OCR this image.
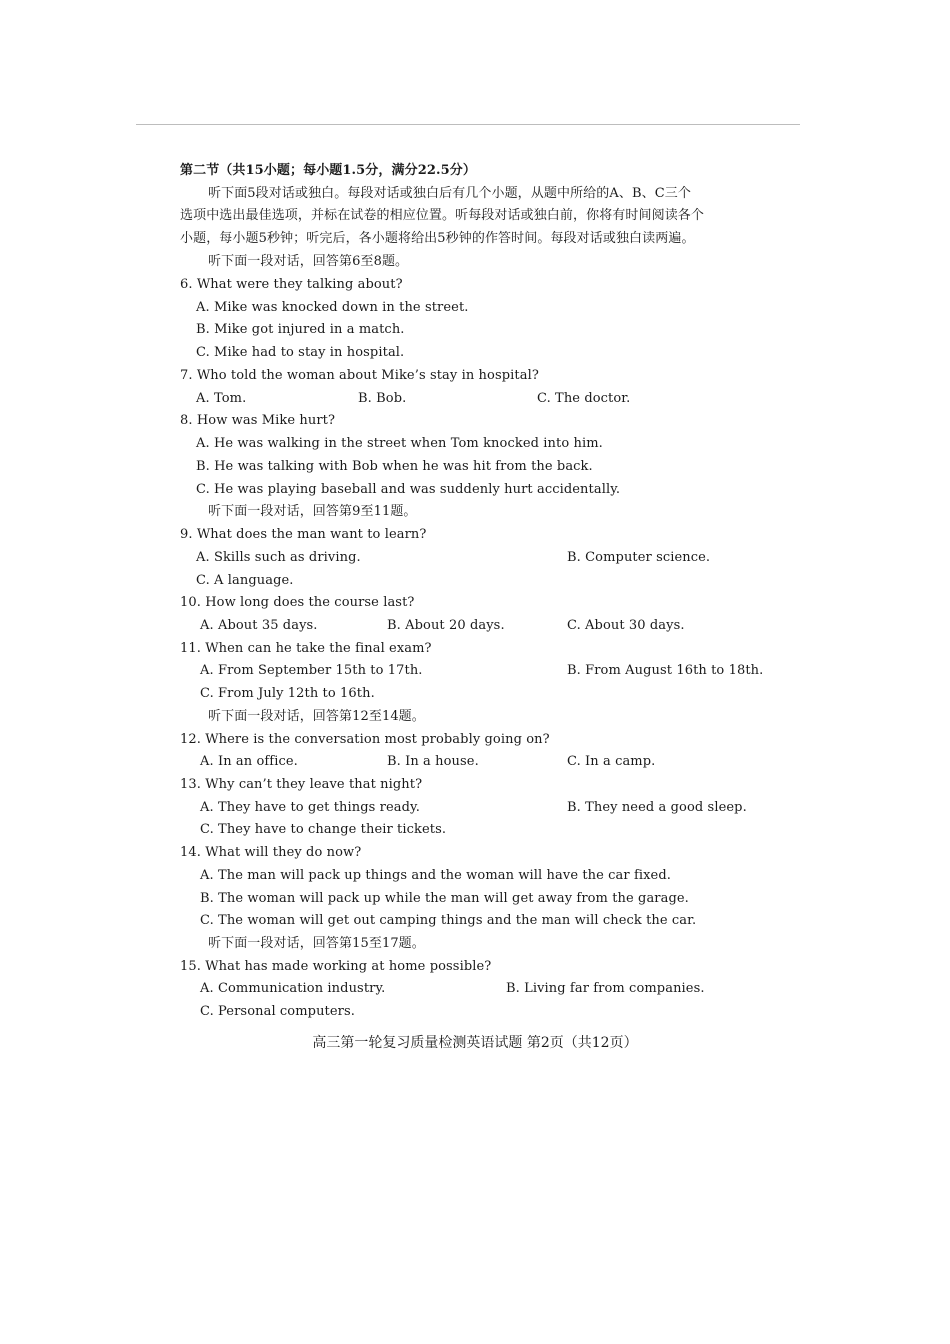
第二节（共15小题；每小题1.5分，满分22.5分）
听下面5段对话或独白。每段对话或独白后有几个小题，从题中所给的A、B、C三个
选项中选出最佳选项，并标在试卷的相应位置。听每段对话或独白前，你将有时间阅读各个
小题，每小题5秒钟；听完后，各小题将给出5秒钟的作答时间。每段对话或独白读两遍。
听下面一段对话，回答第6至8题。
6. What were they talking about?
A. Mike was knocked down in the street.
B. Mike got injured in a match.
C. Mike had to stay in hospital.
7. Who told the woman about Mike’s stay in hospital?
A. Tom.	B. Bob.	C. The doctor.
8. How was Mike hurt?
A. He was walking in the street when Tom knocked into him.
B. He was talking with Bob when he was hit from the back.
C. He was playing baseball and was suddenly hurt accidentally.
听下面一段对话，回答第9至11题。
9. What does the man want to learn?
A. Skills such as driving.	B. Computer science.
C. A language.
10. How long does the course last?
A. About 35 days.	B. About 20 days.	C. About 30 days.
11. When can he take the final exam?
A. From September 15th to 17th.	B. From August 16th to 18th.
C. From July 12th to 16th.
听下面一段对话，回答第12至14题。
12. Where is the conversation most probably going on?
A. In an office.	B. In a house.	C. In a camp.
13. Why can’t they leave that night?
A. They have to get things ready.	B. They need a good sleep.
C. They have to change their tickets.
14. What will they do now?
A. The man will pack up things and the woman will have the car fixed.
B. The woman will pack up while the man will get away from the garage.
C. The woman will get out camping things and the man will check the car.
听下面一段对话，回答第15至17题。
15. What has made working at home possible?
A. Communication industry.	B. Living far from companies.
C. Personal computers.
高三第一轮复习质量检测英语试题 第2页（共12页）
